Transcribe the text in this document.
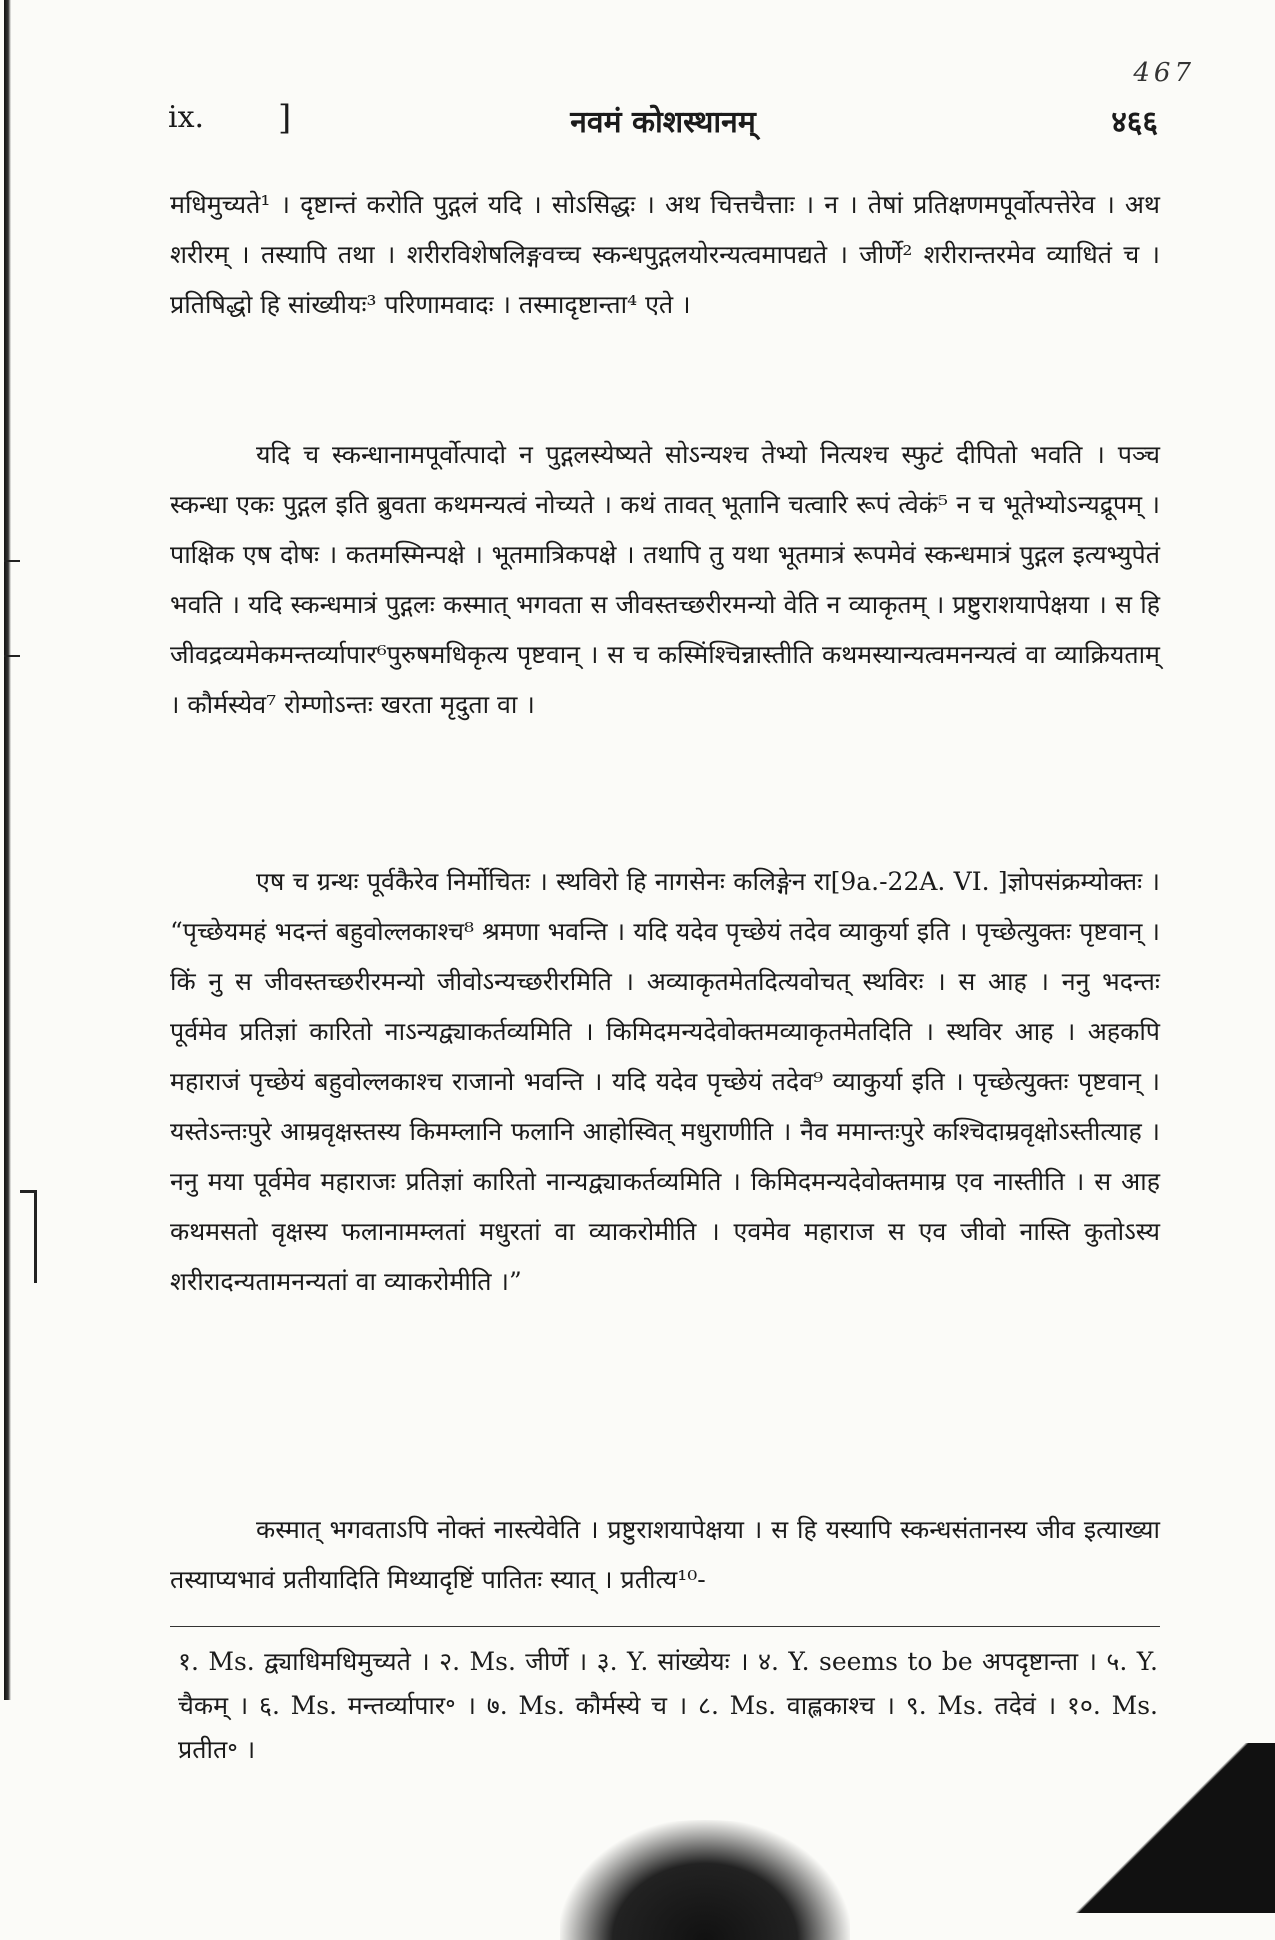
467
ix. ]	नवमं कोशस्थानम्	४६६

मधिमुच्यते¹ । दृष्टान्तं करोति पुद्गलं यदि । सोऽसिद्धः । अथ चित्तचैत्ताः । न । तेषां प्रतिक्षणमपूर्वोत्पत्तेरेव । अथ शरीरम् । तस्यापि तथा । शरीरविशेषलिङ्गवच्च स्कन्धपुद्गलयोरन्यत्वमापद्यते । जीर्णे² शरीरान्तरमेव व्याधितं च । प्रतिषिद्धो हि सांख्यीयः³ परिणामवादः । तस्मादृष्टान्ता⁴ एते ।

यदि च स्कन्धानामपूर्वोत्पादो न पुद्गलस्येष्यते सोऽन्यश्च तेभ्यो नित्यश्च स्फुटं दीपितो भवति । पञ्च स्कन्धा एकः पुद्गल इति ब्रुवता कथमन्यत्वं नोच्यते । कथं तावत् भूतानि चत्वारि रूपं त्वेकं⁵ न च भूतेभ्योऽन्यद्रूपम् । पाक्षिक एष दोषः । कतमस्मिन्पक्षे । भूतमात्रिकपक्षे । तथापि तु यथा भूतमात्रं रूपमेवं स्कन्धमात्रं पुद्गल इत्यभ्युपेतं भवति । यदि स्कन्धमात्रं पुद्गलः कस्मात् भगवता स जीवस्तच्छरीरमन्यो वेति न व्याकृतम् । प्रष्टुराशयापेक्षया । स हि जीवद्रव्यमेकमन्तर्व्यापार⁶पुरुषमधिकृत्य पृष्टवान् । स च कस्मिंश्चिन्नास्तीति कथमस्यान्यत्वमनन्यत्वं वा व्याक्रियताम् । कौर्मस्येव⁷ रोम्णोऽन्तः खरता मृदुता वा ।

एष च ग्रन्थः पूर्वकैरेव निर्मोचितः । स्थविरो हि नागसेनः कलिङ्गेन रा[9a.-22A. VI. ]ज्ञोपसंक्रम्योक्तः । “पृच्छेयमहं भदन्तं बहुवोल्लकाश्च⁸ श्रमणा भवन्ति । यदि यदेव पृच्छेयं तदेव व्याकुर्या इति । पृच्छेत्युक्तः पृष्टवान् । किं नु स जीवस्तच्छरीरमन्यो जीवोऽन्यच्छरीरमिति । अव्याकृतमेतदित्यवोचत् स्थविरः । स आह । ननु भदन्तः पूर्वमेव प्रतिज्ञां कारितो नाऽन्यद्व्याकर्तव्यमिति । किमिदमन्यदेवोक्तमव्याकृतमेतदिति । स्थविर आह । अहकपि महाराजं पृच्छेयं बहुवोल्लकाश्च राजानो भवन्ति । यदि यदेव पृच्छेयं तदेव⁹ व्याकुर्या इति । पृच्छेत्युक्तः पृष्टवान् । यस्तेऽन्तःपुरे आम्रवृक्षस्तस्य किमम्लानि फलानि आहोस्वित् मधुराणीति । नैव ममान्तःपुरे कश्चिदाम्रवृक्षोऽस्तीत्याह । ननु मया पूर्वमेव महाराजः प्रतिज्ञां कारितो नान्यद्व्याकर्तव्यमिति । किमिदमन्यदेवोक्तमाम्र एव नास्तीति । स आह कथमसतो वृक्षस्य फलानामम्लतां मधुरतां वा व्याकरोमीति । एवमेव महाराज स एव जीवो नास्ति कुतोऽस्य शरीरादन्यतामनन्यतां वा व्याकरोमीति ।”

कस्मात् भगवताऽपि नोक्तं नास्त्येवेति । प्रष्टुराशयापेक्षया । स हि यस्यापि स्कन्धसंतानस्य जीव इत्याख्या तस्याप्यभावं प्रतीयादिति मिथ्यादृष्टिं पातितः स्यात् । प्रतीत्य¹⁰-

१. Ms. द्व्याधिमधिमुच्यते । २. Ms. जीर्णे । ३. Y. सांख्येयः । ४. Y. seems to be अपदृष्टान्ता । ५. Y. चैकम् । ६. Ms. मन्तर्व्यापार॰ । ७. Ms. कौर्मस्ये च । ८. Ms. वाह्लकाश्च । ९. Ms. तदेवं । १०. Ms. प्रतीत॰ ।
